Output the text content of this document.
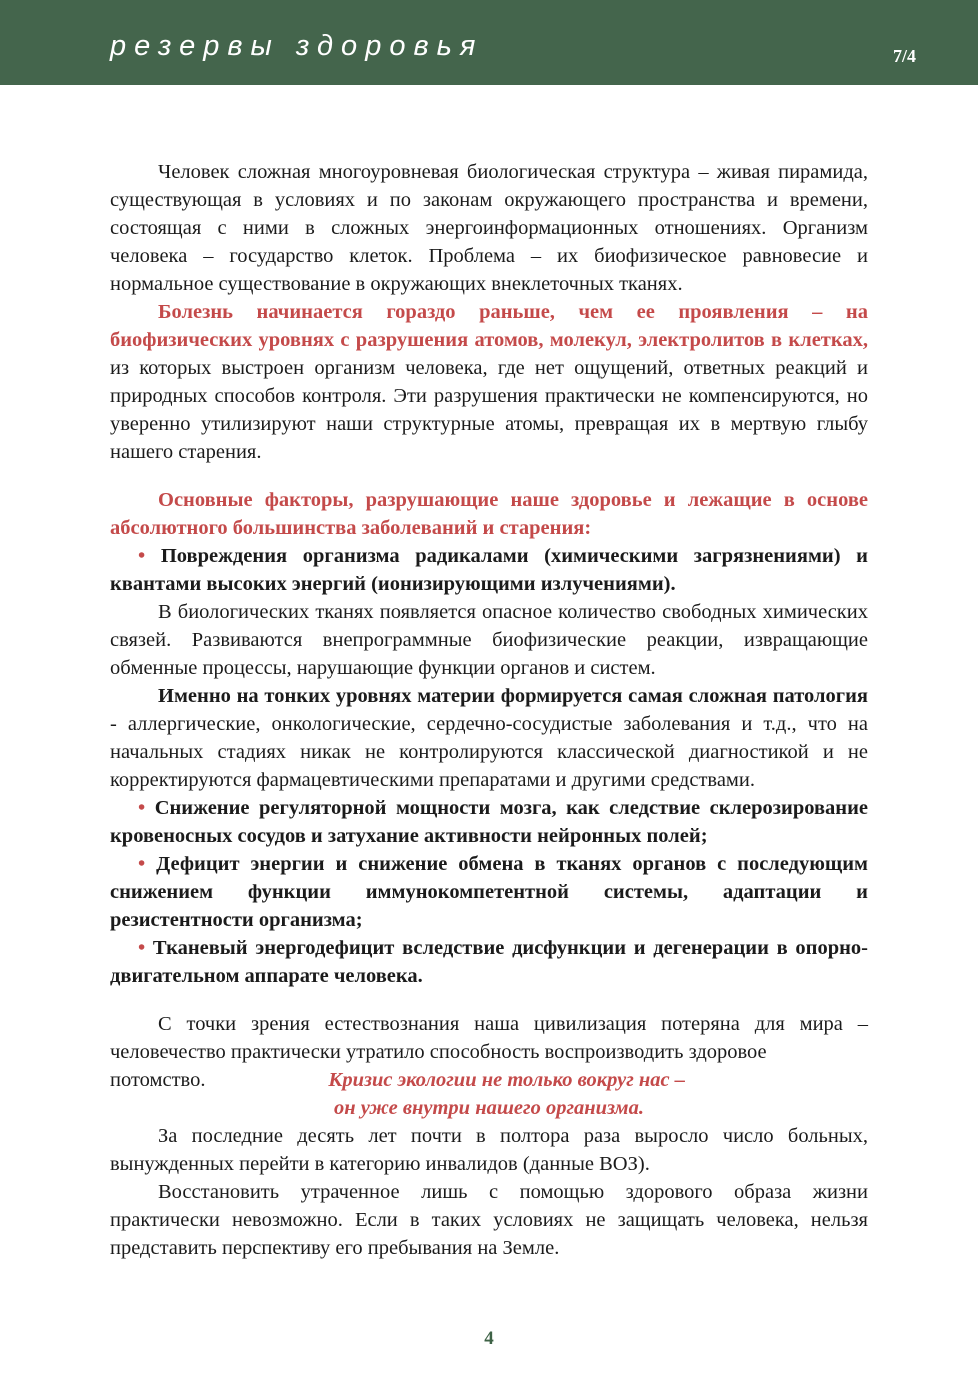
резервы здоровья	7/4

Человек сложная многоуровневая биологическая структура – живая пирамида, существующая в условиях и по законам окружающего пространства и времени, состоящая с ними в сложных энергоинформационных отношениях. Организм человека – государство клеток. Проблема – их биофизическое равновесие и нормальное существование в окружающих внеклеточных тканях.

Болезнь начинается гораздо раньше, чем ее проявления – на биофизических уровнях с разрушения атомов, молекул, электролитов в клетках, из которых выстроен организм человека, где нет ощущений, ответных реакций и природных способов контроля. Эти разрушения практически не компенсируются, но уверенно утилизируют наши структурные атомы, превращая их в мертвую глыбу нашего старения.

Основные факторы, разрушающие наше здоровье и лежащие в основе абсолютного большинства заболеваний и старения:

• Повреждения организма радикалами (химическими загрязнениями) и квантами высоких энергий (ионизирующими излучениями).

В биологических тканях появляется опасное количество свободных химических связей. Развиваются внепрограммные биофизические реакции, извращающие обменные процессы, нарушающие функции органов и систем.

Именно на тонких уровнях материи формируется самая сложная патология - аллергические, онкологические, сердечно-сосудистые заболевания и т.д., что на начальных стадиях никак не контролируются классической диагностикой и не корректируются фармацевтическими препаратами и другими средствами.

• Снижение регуляторной мощности мозга, как следствие склерозирование кровеносных сосудов и затухание активности нейронных полей;

• Дефицит энергии и снижение обмена в тканях органов с последующим снижением функции иммунокомпетентной системы, адаптации и резистентности организма;

• Тканевый энергодефицит вследствие дисфункции и дегенерации в опорно-двигательном аппарате человека.

С точки зрения естествознания наша цивилизация потеряна для мира – человечество практически утратило способность воспроизводить здоровое

потомство.	Кризис экологии не только вокруг нас –
он уже внутри нашего организма.

За последние десять лет почти в полтора раза выросло число больных, вынужденных перейти в категорию инвалидов (данные ВОЗ).

Восстановить утраченное лишь с помощью здорового образа жизни практически невозможно. Если в таких условиях не защищать человека, нельзя представить перспективу его пребывания на Земле.

4
